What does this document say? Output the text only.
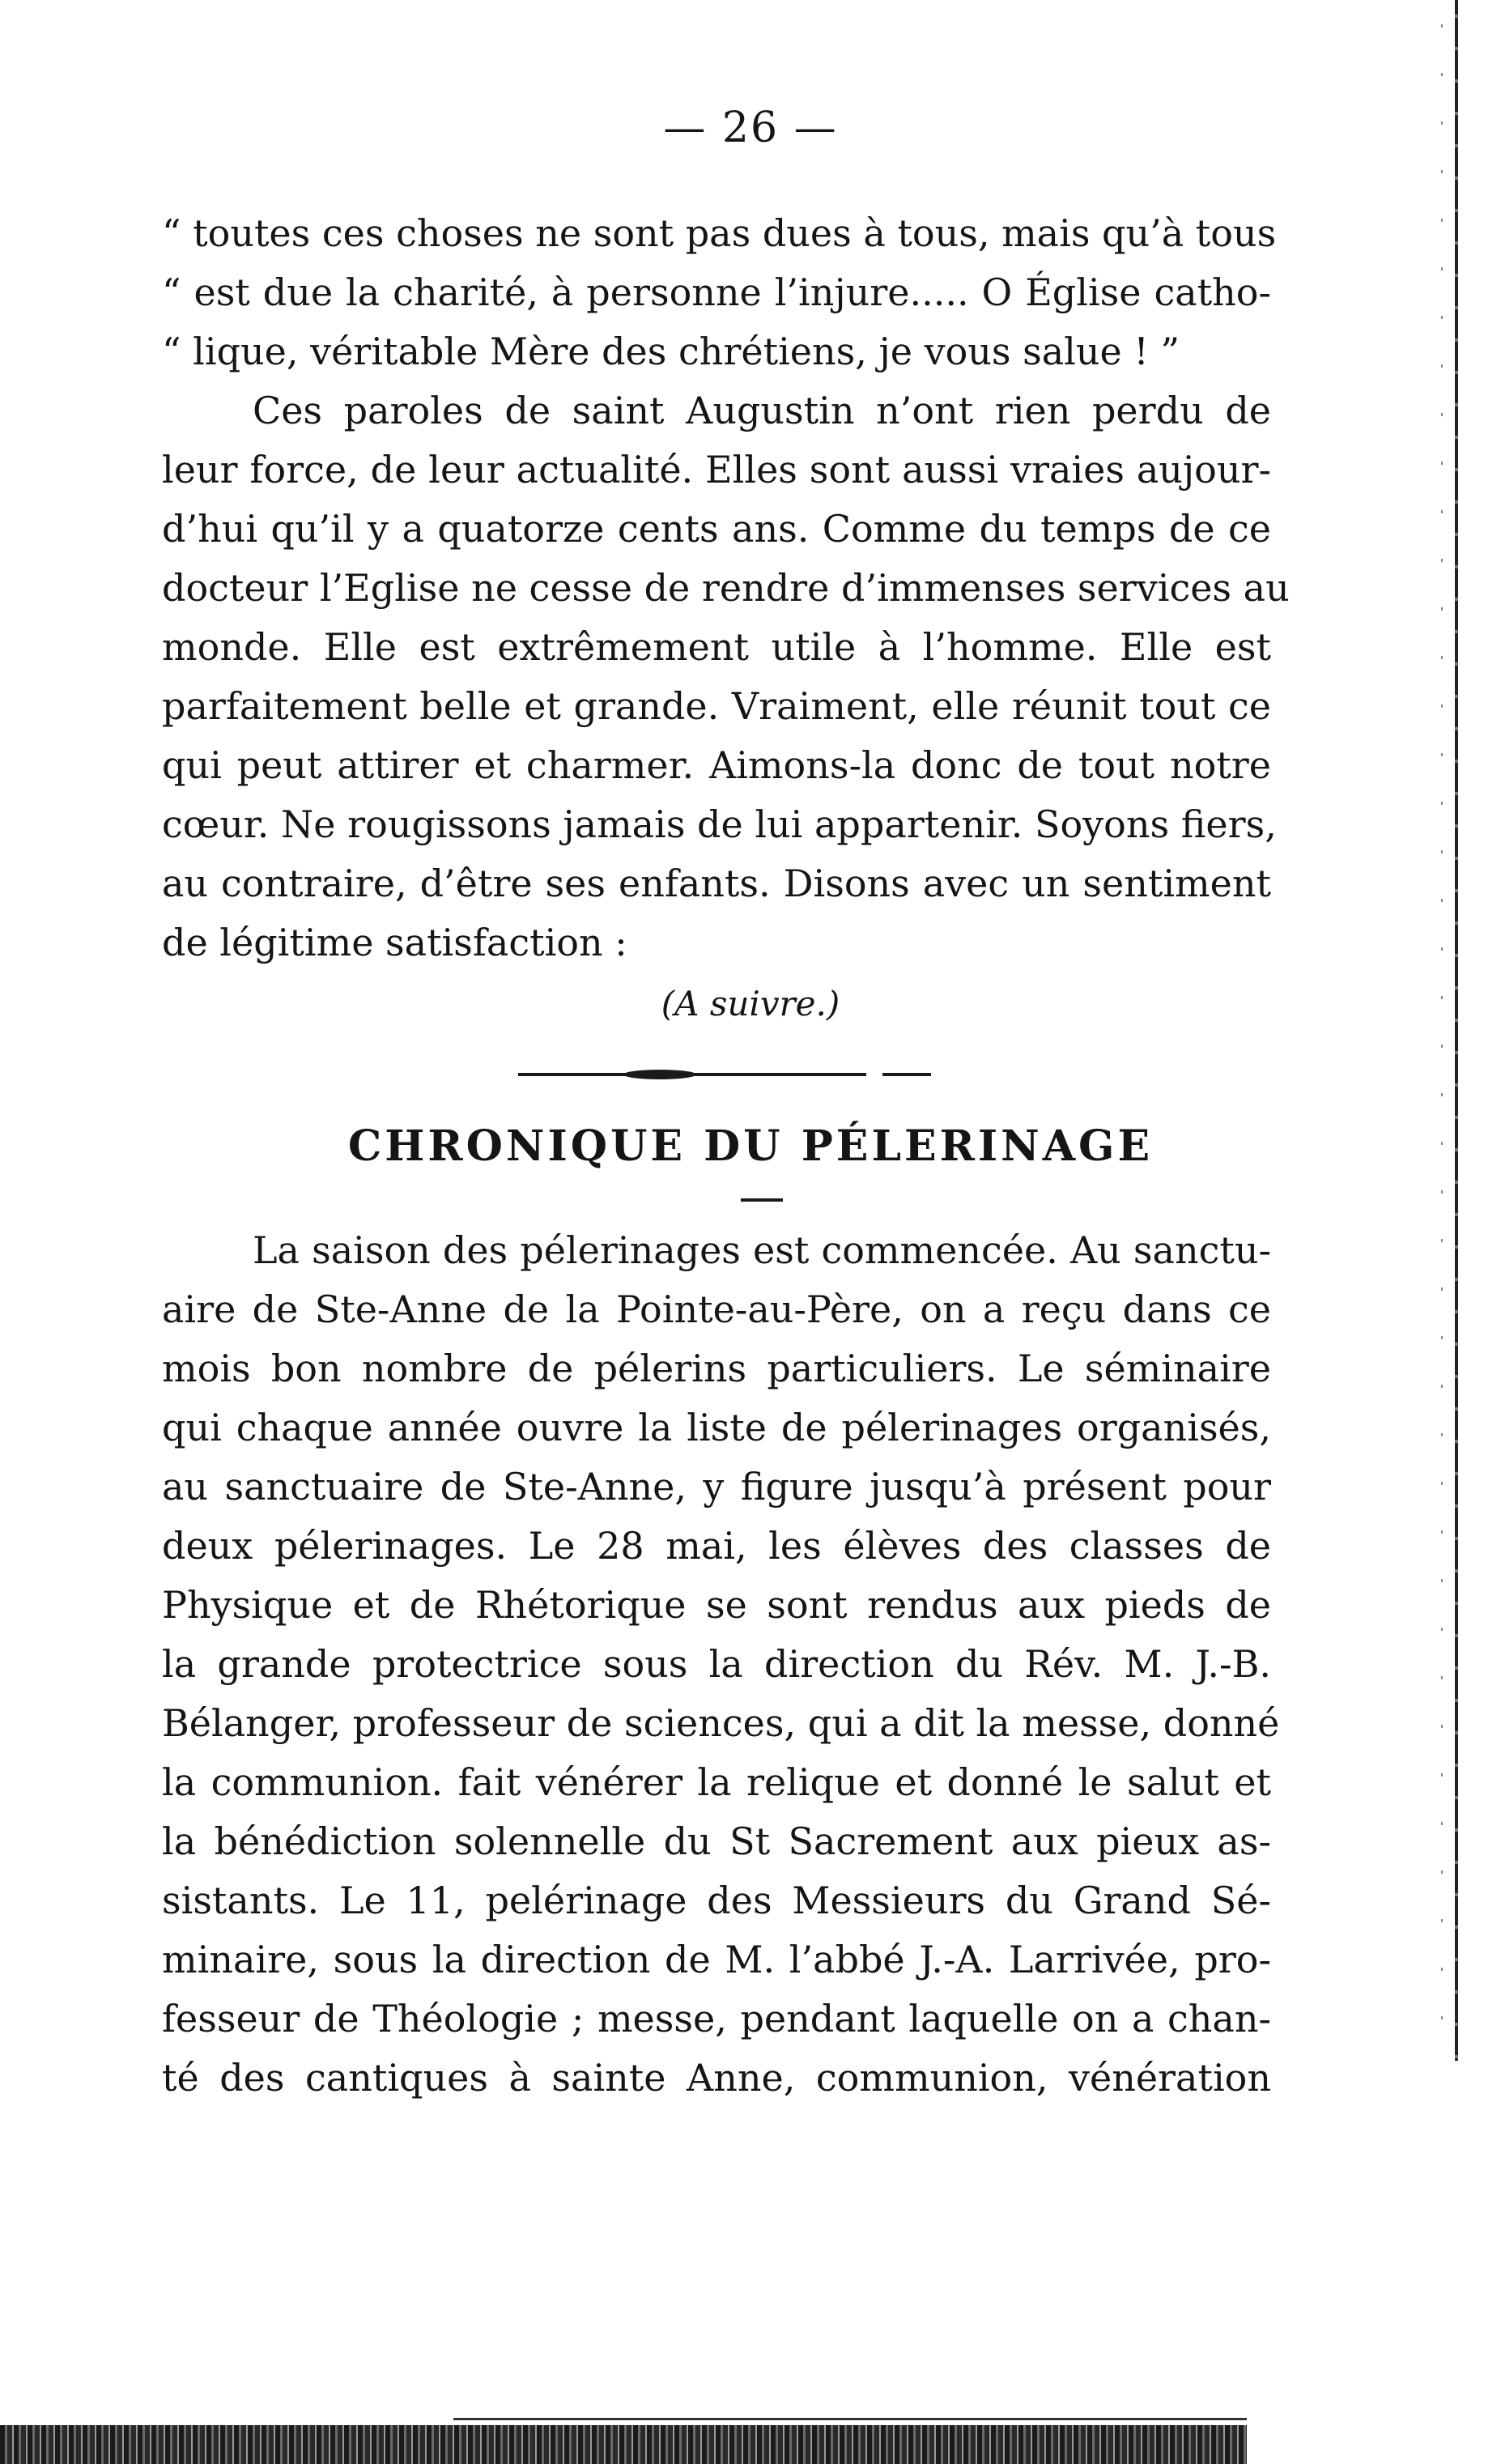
— 26 —
“ toutes ces choses ne sont pas dues à tous, mais qu’à tous
“ est due la charité, à personne l’injure..... O Église catho-
“ lique, véritable Mère des chrétiens, je vous salue ! ”
Ces paroles de saint Augustin n’ont rien perdu de
leur force, de leur actualité. Elles sont aussi vraies aujour-
d’hui qu’il y a quatorze cents ans. Comme du temps de ce
docteur l’Eglise ne cesse de rendre d’immenses services au
monde. Elle est extrêmement utile à l’homme. Elle est
parfaitement belle et grande. Vraiment, elle réunit tout ce
qui peut attirer et charmer. Aimons-la donc de tout notre
cœur. Ne rougissons jamais de lui appartenir. Soyons fiers,
au contraire, d’être ses enfants. Disons avec un sentiment
de légitime satisfaction :
(A suivre.)
CHRONIQUE DU PÉLERINAGE
La saison des pélerinages est commencée. Au sanctu-
aire de Ste-Anne de la Pointe-au-Père, on a reçu dans ce
mois bon nombre de pélerins particuliers. Le séminaire
qui chaque année ouvre la liste de pélerinages organisés,
au sanctuaire de Ste-Anne, y figure jusqu’à présent pour
deux pélerinages. Le 28 mai, les élèves des classes de
Physique et de Rhétorique se sont rendus aux pieds de
la grande protectrice sous la direction du Rév. M. J.-B.
Bélanger, professeur de sciences, qui a dit la messe, donné
la communion. fait vénérer la relique et donné le salut et
la bénédiction solennelle du St Sacrement aux pieux as-
sistants. Le 11, pelérinage des Messieurs du Grand Sé-
minaire, sous la direction de M. l’abbé J.-A. Larrivée, pro-
fesseur de Théologie ; messe, pendant laquelle on a chan-
té des cantiques à sainte Anne, communion, vénération
